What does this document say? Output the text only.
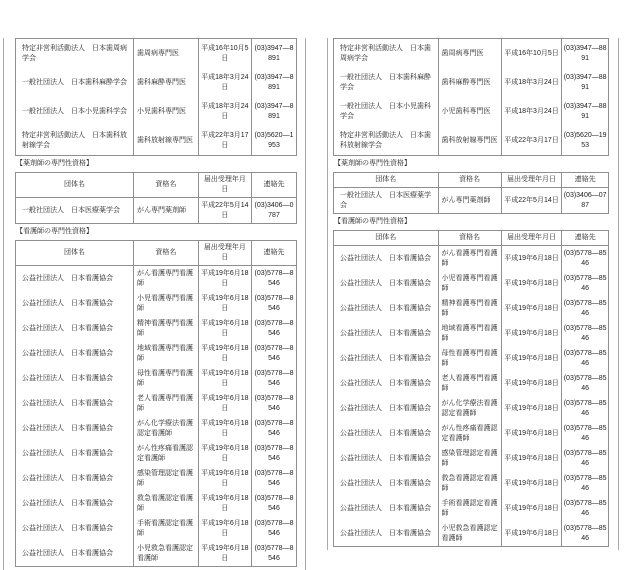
特定非営利活動法人　日本歯周病学会	歯周病専門医	平成16年10月5日	(03)3947—8891
一般社団法人　日本歯科麻酔学会	歯科麻酔専門医	平成18年3月24日	(03)3947—8891
一般社団法人　日本小児歯科学会	小児歯科専門医	平成18年3月24日	(03)3947—8891
特定非営利活動法人　日本歯科放射線学会	歯科放射線専門医	平成22年3月17日	(03)5620—1953
【薬剤師の専門性資格】
団体名	資格名	届出受理年月日	連絡先
一般社団法人　日本医療薬学会	がん専門薬剤師	平成22年5月14日	(03)3406—0787
【看護師の専門性資格】
団体名	資格名	届出受理年月日	連絡先
公益社団法人　日本看護協会	がん看護専門看護師	平成19年6月18日	(03)5778—8546
公益社団法人　日本看護協会	小児看護専門看護師	平成19年6月18日	(03)5778—8546
公益社団法人　日本看護協会	精神看護専門看護師	平成19年6月18日	(03)5778—8546
公益社団法人　日本看護協会	地域看護専門看護師	平成19年6月18日	(03)5778—8546
公益社団法人　日本看護協会	母性看護専門看護師	平成19年6月18日	(03)5778—8546
公益社団法人　日本看護協会	老人看護専門看護師	平成19年6月18日	(03)5778—8546
公益社団法人　日本看護協会	がん化学療法看護認定看護師	平成19年6月18日	(03)5778—8546
公益社団法人　日本看護協会	がん性疼痛看護認定看護師	平成19年6月18日	(03)5778—8546
公益社団法人　日本看護協会	感染管理認定看護師	平成19年6月18日	(03)5778—8546
公益社団法人　日本看護協会	救急看護認定看護師	平成19年6月18日	(03)5778—8546
公益社団法人　日本看護協会	手術看護認定看護師	平成19年6月18日	(03)5778—8546
公益社団法人　日本看護協会	小児救急看護認定看護師	平成19年6月18日	(03)5778—8546
特定非営利活動法人　日本歯周病学会	歯周病専門医	平成16年10月5日	(03)3947—8891
一般社団法人　日本歯科麻酔学会	歯科麻酔専門医	平成18年3月24日	(03)3947—8891
一般社団法人　日本小児歯科学会	小児歯科専門医	平成18年3月24日	(03)3947—8891
特定非営利活動法人　日本歯科放射線学会	歯科放射線専門医	平成22年3月17日	(03)5620—1953
【薬剤師の専門性資格】
団体名	資格名	届出受理年月日	連絡先
一般社団法人　日本医療薬学会	がん専門薬剤師	平成22年5月14日	(03)3406—0787
【看護師の専門性資格】
団体名	資格名	届出受理年月日	連絡先
公益社団法人　日本看護協会	がん看護専門看護師	平成19年6月18日	(03)5778—8546
公益社団法人　日本看護協会	小児看護専門看護師	平成19年6月18日	(03)5778—8546
公益社団法人　日本看護協会	精神看護専門看護師	平成19年6月18日	(03)5778—8546
公益社団法人　日本看護協会	地域看護専門看護師	平成19年6月18日	(03)5778—8546
公益社団法人　日本看護協会	母性看護専門看護師	平成19年6月18日	(03)5778—8546
公益社団法人　日本看護協会	老人看護専門看護師	平成19年6月18日	(03)5778—8546
公益社団法人　日本看護協会	がん化学療法看護認定看護師	平成19年6月18日	(03)5778—8546
公益社団法人　日本看護協会	がん性疼痛看護認定看護師	平成19年6月18日	(03)5778—8546
公益社団法人　日本看護協会	感染管理認定看護師	平成19年6月18日	(03)5778—8546
公益社団法人　日本看護協会	救急看護認定看護師	平成19年6月18日	(03)5778—8546
公益社団法人　日本看護協会	手術看護認定看護師	平成19年6月18日	(03)5778—8546
公益社団法人　日本看護協会	小児救急看護認定看護師	平成19年6月18日	(03)5778—8546
